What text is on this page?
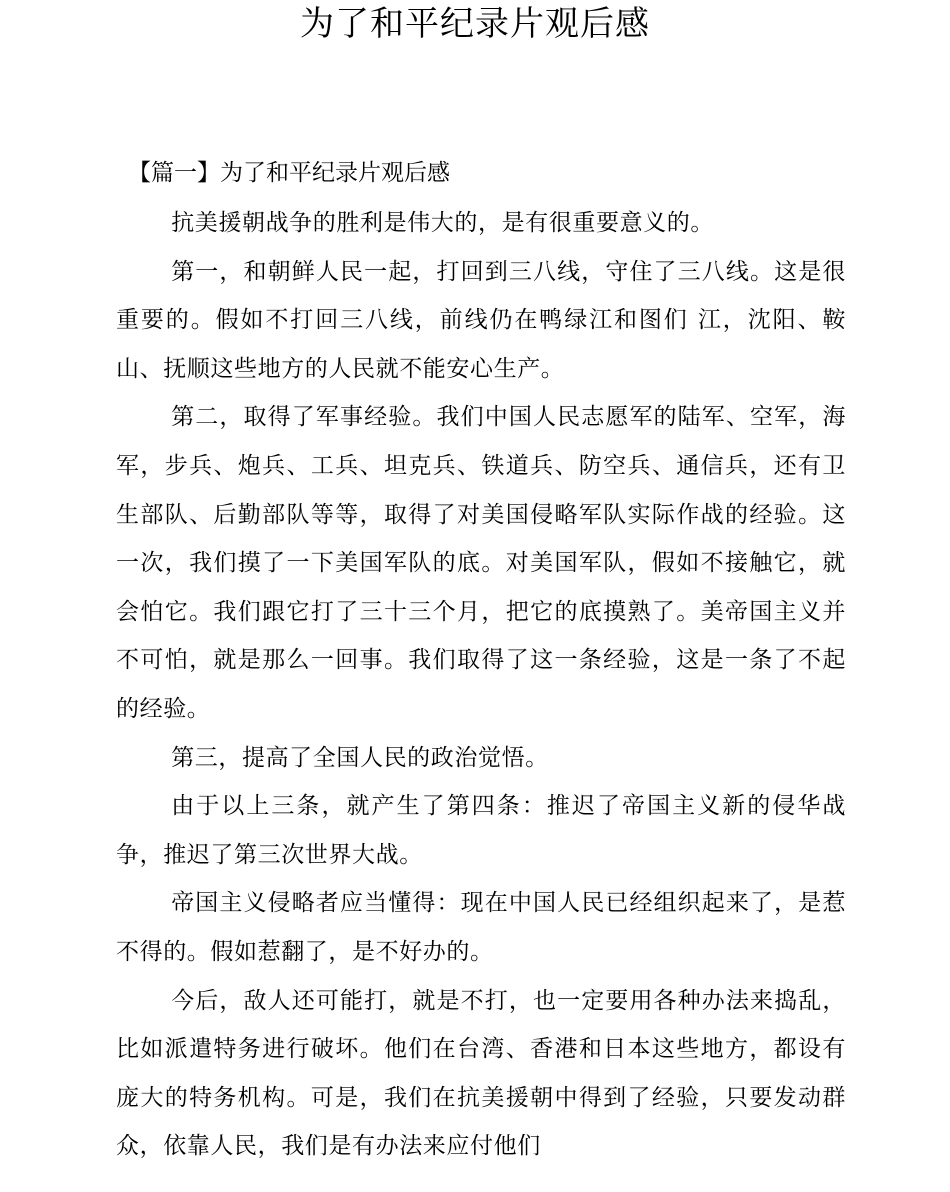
为了和平纪录片观后感
【篇一】为了和平纪录片观后感

抗美援朝战争的胜利是伟大的，是有很重要意义的。

第一，和朝鲜人民一起，打回到三八线，守住了三八线。这是很重要的。假如不打回三八线，前线仍在鸭绿江和图们 江，沈阳、鞍山、抚顺这些地方的人民就不能安心生产。

第二，取得了军事经验。我们中国人民志愿军的陆军、空军，海军，步兵、炮兵、工兵、坦克兵、铁道兵、防空兵、通信兵，还有卫生部队、后勤部队等等，取得了对美国侵略军队实际作战的经验。这一次，我们摸了一下美国军队的底。对美国军队，假如不接触它，就会怕它。我们跟它打了三十三个月，把它的底摸熟了。美帝国主义并不可怕，就是那么一回事。我们取得了这一条经验，这是一条了不起的经验。

第三，提高了全国人民的政治觉悟。

由于以上三条，就产生了第四条：推迟了帝国主义新的侵华战争，推迟了第三次世界大战。

帝国主义侵略者应当懂得：现在中国人民已经组织起来了，是惹不得的。假如惹翻了，是不好办的。

今后，敌人还可能打，就是不打，也一定要用各种办法来捣乱，比如派遣特务进行破坏。他们在台湾、香港和日本这些地方，都设有庞大的特务机构。可是，我们在抗美援朝中得到了经验，只要发动群众，依靠人民，我们是有办法来应付他们
